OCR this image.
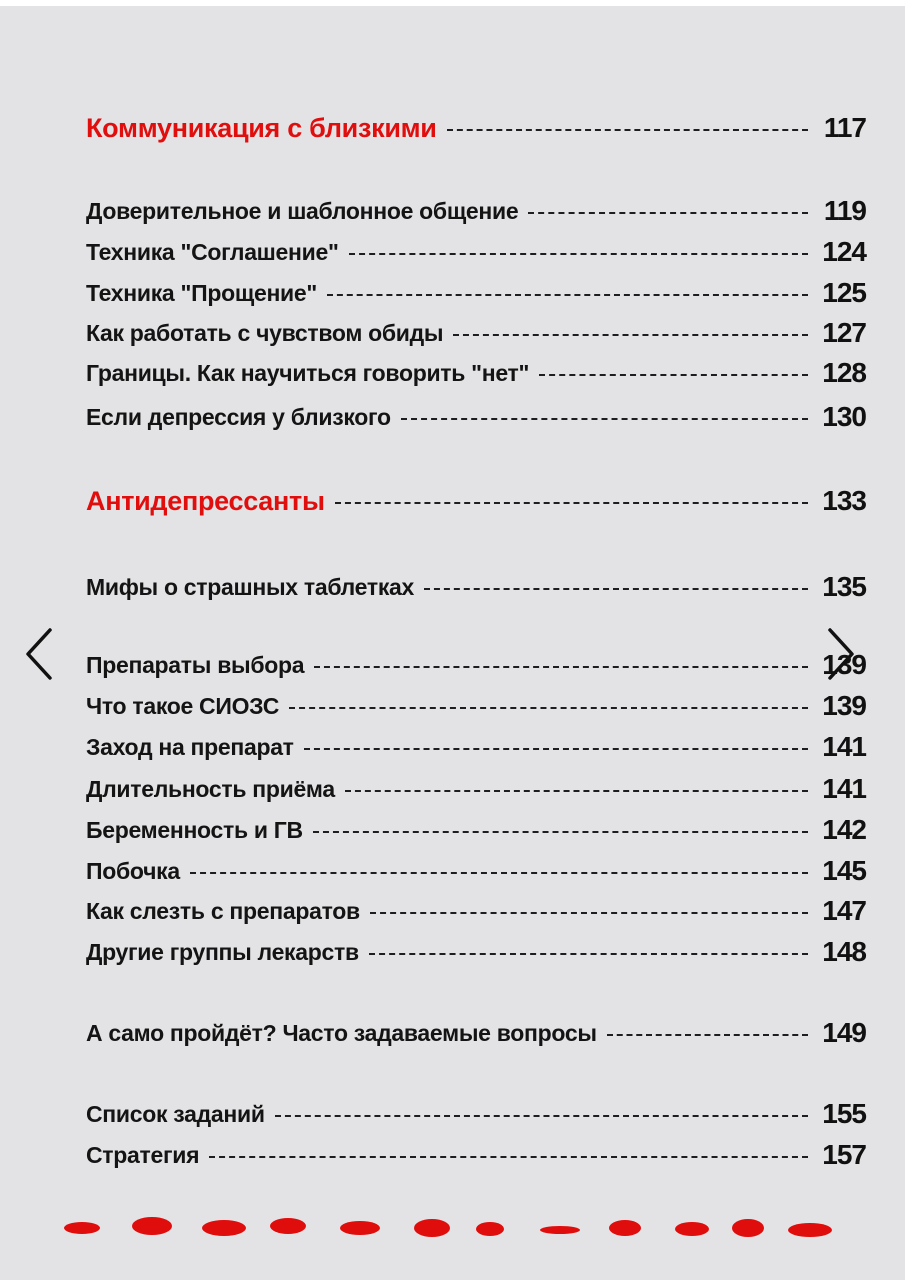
Коммуникация с близкими	117
Доверительное и шаблонное общение	119
Техника "Соглашение"	124
Техника "Прощение"	125
Как работать с чувством обиды	127
Границы. Как научиться говорить "нет"	128
Если депрессия у близкого	130
Антидепрессанты	133
Мифы о страшных таблетках	135
Препараты выбора	139
Что такое СИОЗС	139
Заход на препарат	141
Длительность приёма	141
Беременность и ГВ	142
Побочка	145
Как слезть с препаратов	147
Другие группы лекарств	148
А само пройдёт? Часто задаваемые вопросы	149
Список заданий	155
Стратегия	157
